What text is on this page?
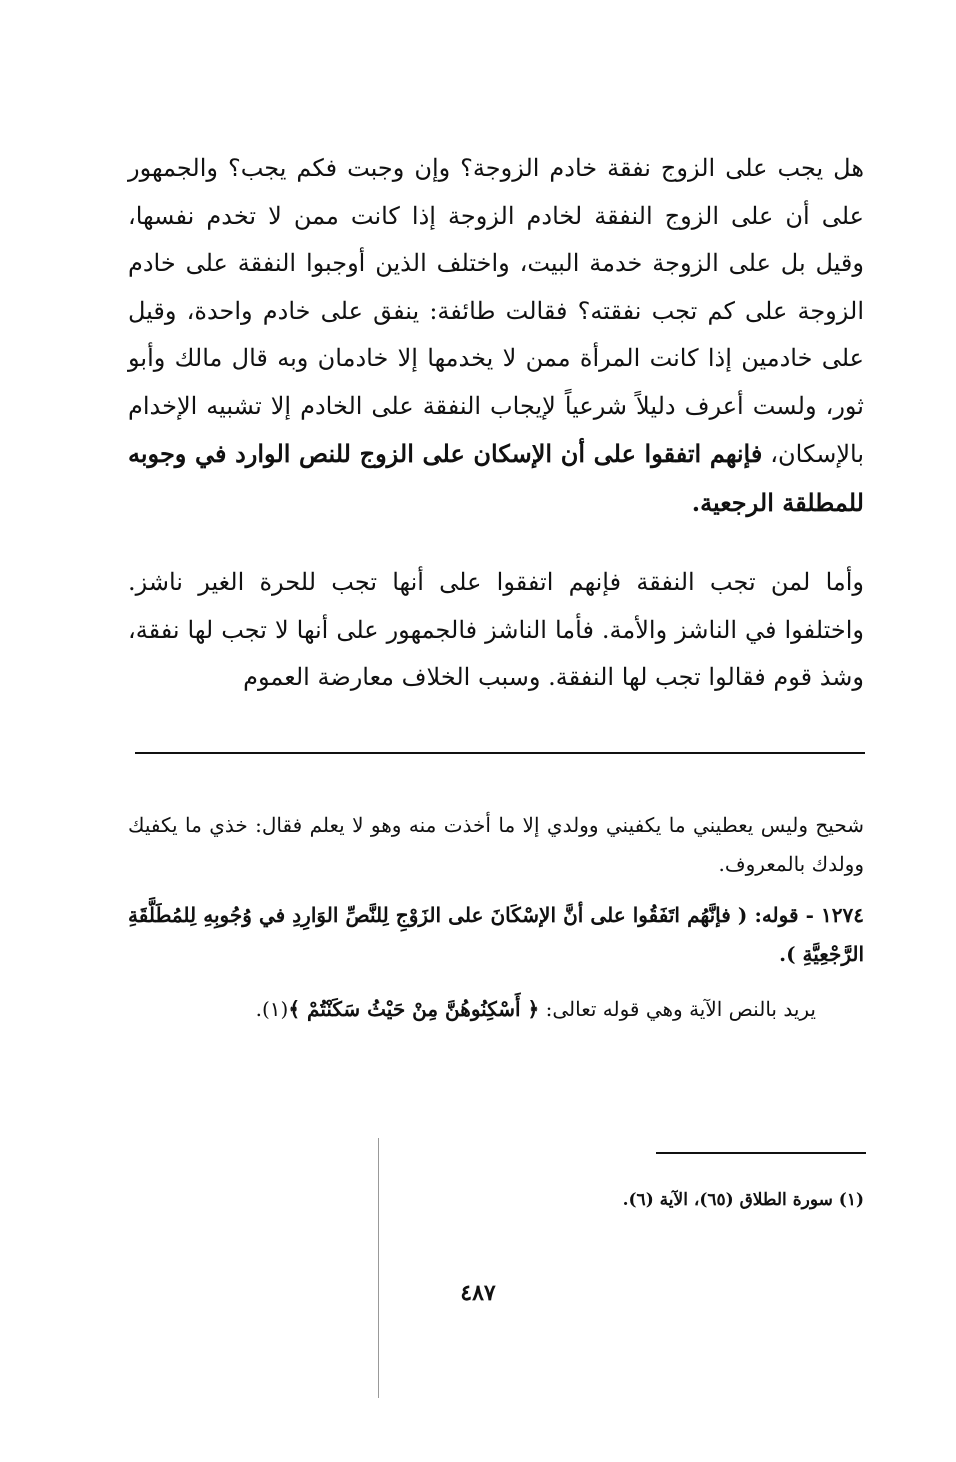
هل يجب على الزوج نفقة خادم الزوجة؟ وإن وجبت فكم يجب؟ والجمهور على أن على الزوج النفقة لخادم الزوجة إذا كانت ممن لا تخدم نفسها، وقيل بل على الزوجة خدمة البيت، واختلف الذين أوجبوا النفقة على خادم الزوجة على كم تجب نفقته؟ فقالت طائفة: ينفق على خادم واحدة، وقيل على خادمين إذا كانت المرأة ممن لا يخدمها إلا خادمان وبه قال مالك وأبو ثور، ولست أعرف دليلاً شرعياً لإيجاب النفقة على الخادم إلا تشبيه الإخدام بالإسكان، فإنهم اتفقوا على أن الإسكان على الزوج للنص الوارد في وجوبه للمطلقة الرجعية.

وأما لمن تجب النفقة فإنهم اتفقوا على أنها تجب للحرة الغير ناشز. واختلفوا في الناشز والأمة. فأما الناشز فالجمهور على أنها لا تجب لها نفقة، وشذ قوم فقالوا تجب لها النفقة. وسبب الخلاف معارضة العموم

شحيح وليس يعطيني ما يكفيني وولدي إلا ما أخذت منه وهو لا يعلم فقال: خذي ما يكفيك وولدك بالمعروف.

١٢٧٤ - قوله: ( فإنَّهُم اتَفَقُوا على أنَّ الإسْكَانَ على الزَوْجِ لِلنَّصِّ الوَارِدِ في وُجُوبِهِ لِلمُطَلَّقَةِ الرَّجْعِيَّةِ ).

يريد بالنص الآية وهي قوله تعالى: ﴿ أَسْكِنُوهُنَّ مِنْ حَيْثُ سَكَنْتُمْ ﴾(١).

(١) سورة الطلاق (٦٥)، الآية (٦).
٤٨٧
